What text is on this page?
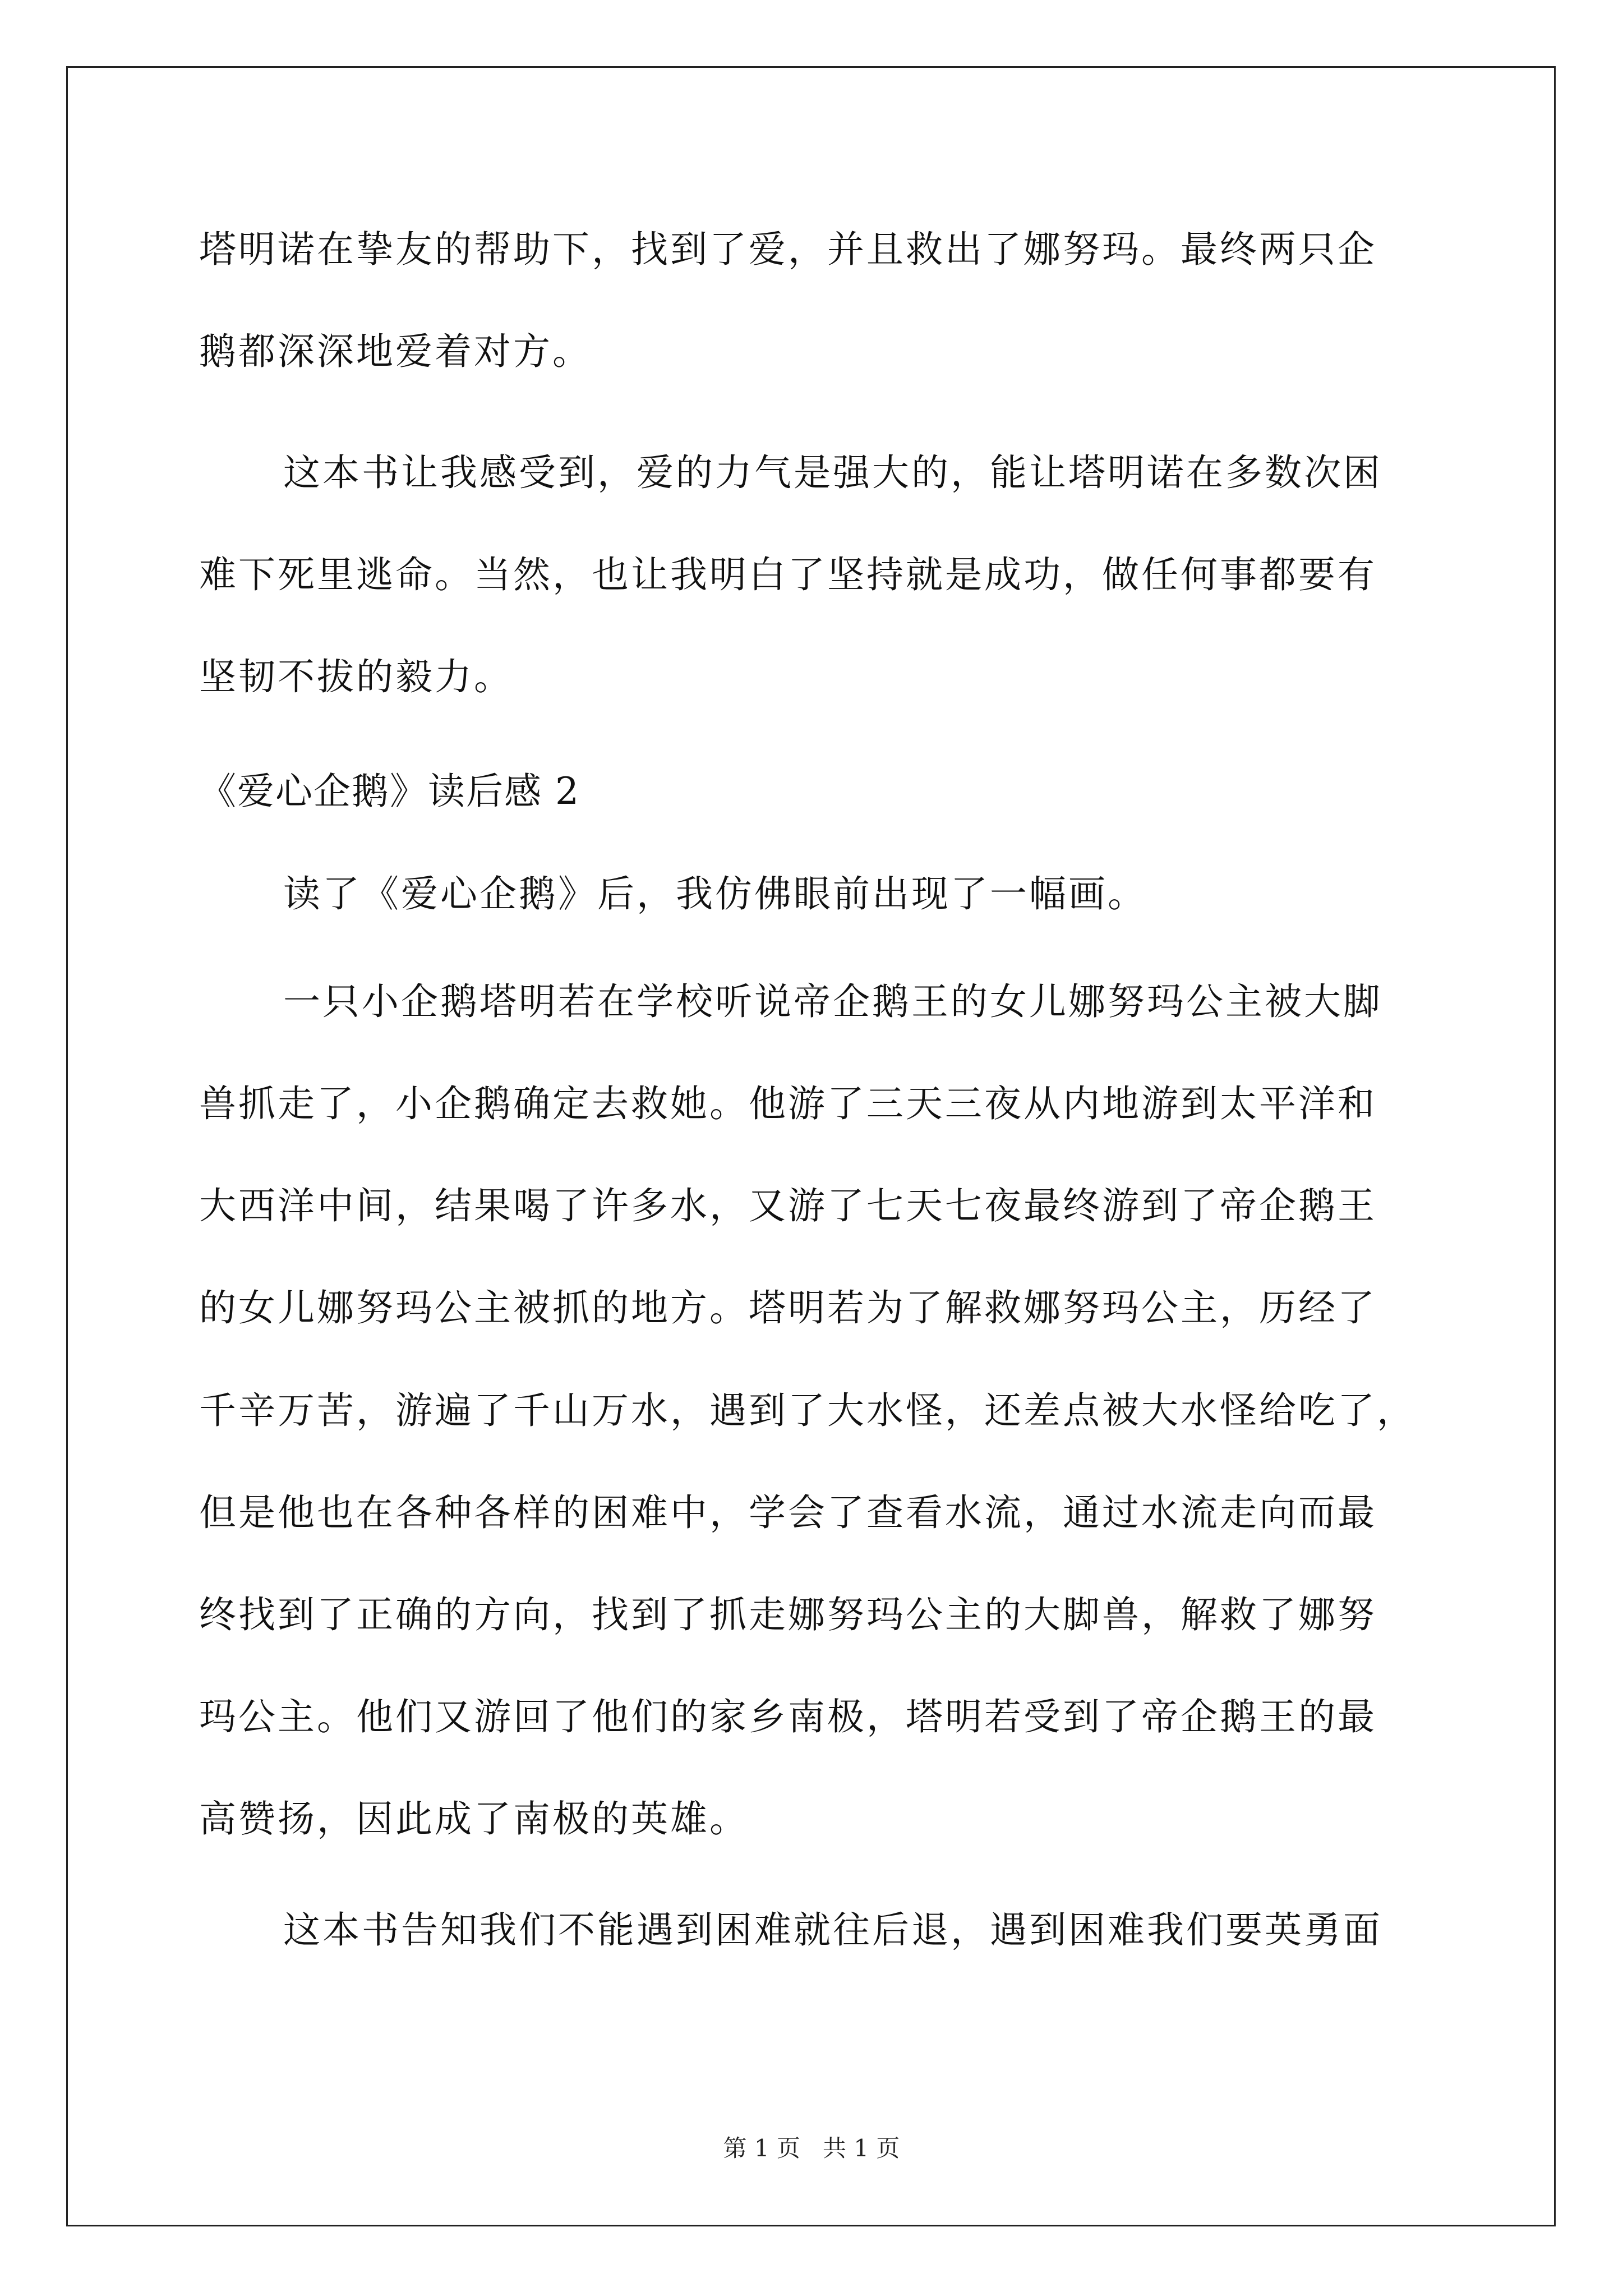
塔明诺在挚友的帮助下，找到了爱，并且救出了娜努玛。最终两只企
鹅都深深地爱着对方。
这本书让我感受到，爱的力气是强大的，能让塔明诺在多数次困
难下死里逃命。当然，也让我明白了坚持就是成功，做任何事都要有
坚韧不拔的毅力。
《爱心企鹅》读后感 2
读了《爱心企鹅》后，我仿佛眼前出现了一幅画。
一只小企鹅塔明若在学校听说帝企鹅王的女儿娜努玛公主被大脚
兽抓走了，小企鹅确定去救她。他游了三天三夜从内地游到太平洋和
大西洋中间，结果喝了许多水，又游了七天七夜最终游到了帝企鹅王
的女儿娜努玛公主被抓的地方。塔明若为了解救娜努玛公主，历经了
千辛万苦，游遍了千山万水，遇到了大水怪，还差点被大水怪给吃了，
但是他也在各种各样的困难中，学会了查看水流，通过水流走向而最
终找到了正确的方向，找到了抓走娜努玛公主的大脚兽，解救了娜努
玛公主。他们又游回了他们的家乡南极，塔明若受到了帝企鹅王的最
高赞扬，因此成了南极的英雄。
这本书告知我们不能遇到困难就往后退，遇到困难我们要英勇面
第 1 页 共 1 页
